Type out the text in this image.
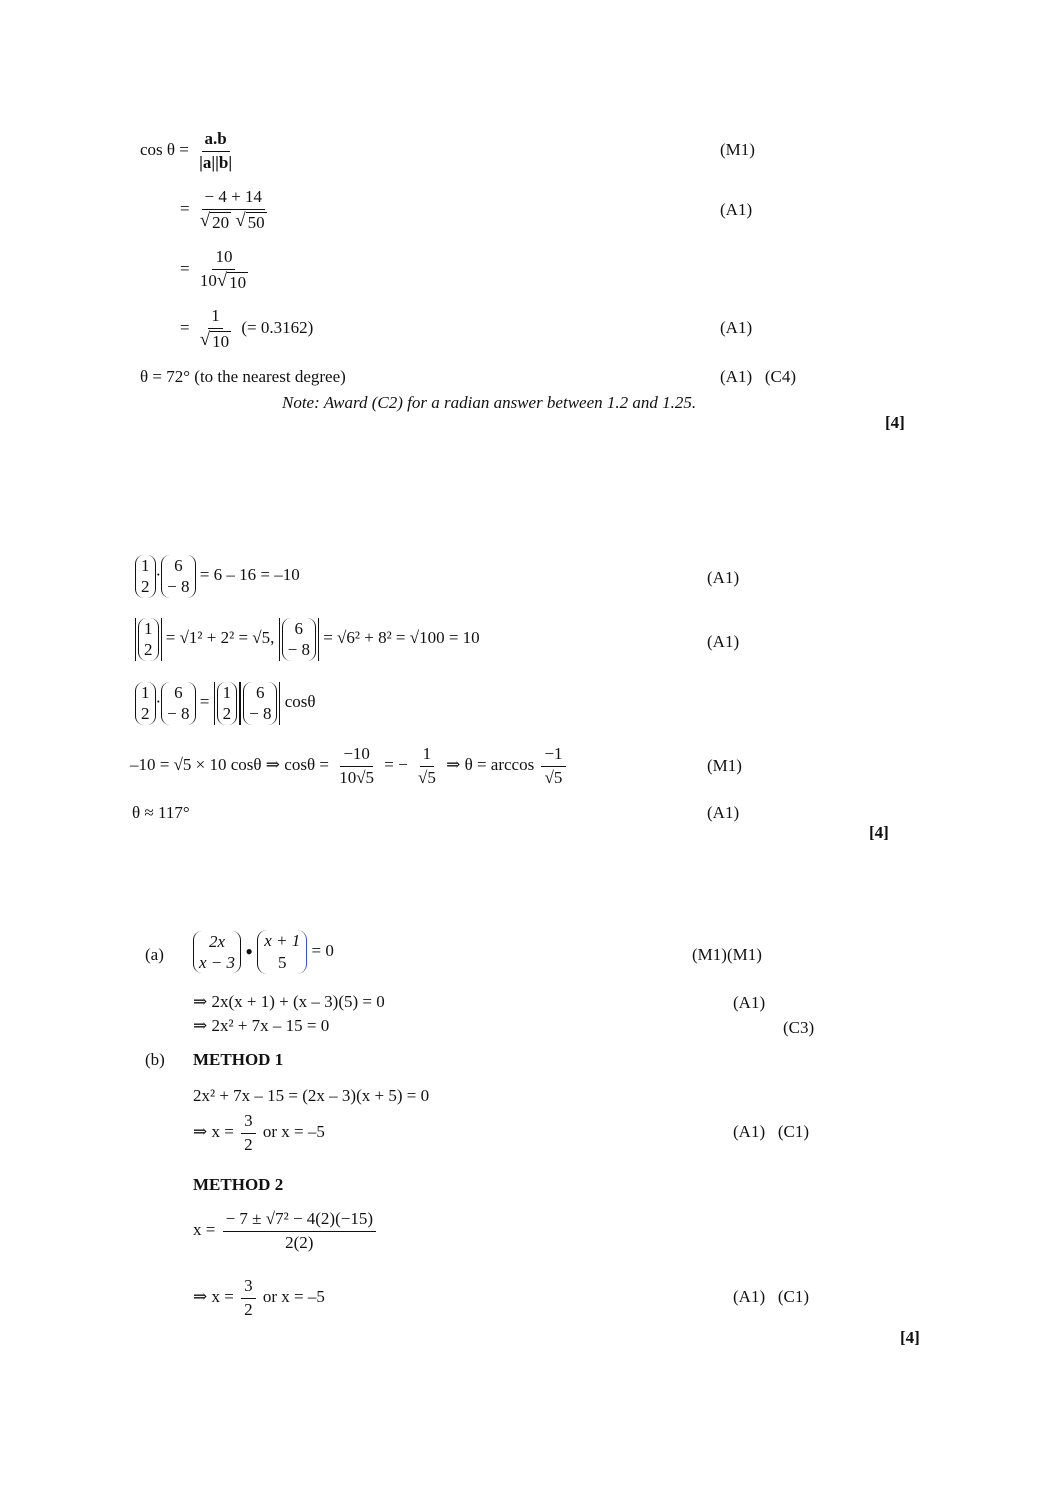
$\cos \theta = \frac{a.b}{|a||b|}$	(M1)
= − 4 + 14
√ 20
√ 50	(A1)
= $\frac{10}{10 √ 10}$
= $\frac{1}{√ 10}$ (= 0.3162)	(A1)
θ = 72° (to the nearest degree)	(A1)   (C4)
Note: Award (C2) for a radian answer between 1.2 and 1.25.
[4]
1
2
· 6
− 8
= 6 – 16 = –10	(A1)
1
2
= √1² + 2² = √5, 6
− 8
= √6² + 8² = √100 = 10	(A1)
1
2
· 6
− 8
= 1
2
6
− 8
cosθ
–10 = √5 × 10 cosθ ⇒ $\cos\theta = \frac{-10}{10√5}$ = − $\frac{1}{√5}$ ⇒ $\theta = \arccos \frac{-1}{√5}$	(M1)
θ ≈ 117°	(A1)
[4]
(a)
2x
x − 3 • x + 1
5
= 0	(M1)(M1)
⇒ 2x(x + 1) + (x – 3)(5) = 0	(A1)
⇒ 2x² + 7x – 15 = 0	(C3)
(b) METHOD 1
2x² + 7x – 15 = (2x – 3)(x + 5) = 0
⇒ $x = \frac{3}{2}$ or x = –5	(A1)   (C1)
METHOD 2
$x = \frac{\text{− 7 ± √7² − 4(2)(−15)}}{2(2)}$
⇒ $x = \frac{3}{2}$ or x = –5	(A1)   (C1)
[4]
